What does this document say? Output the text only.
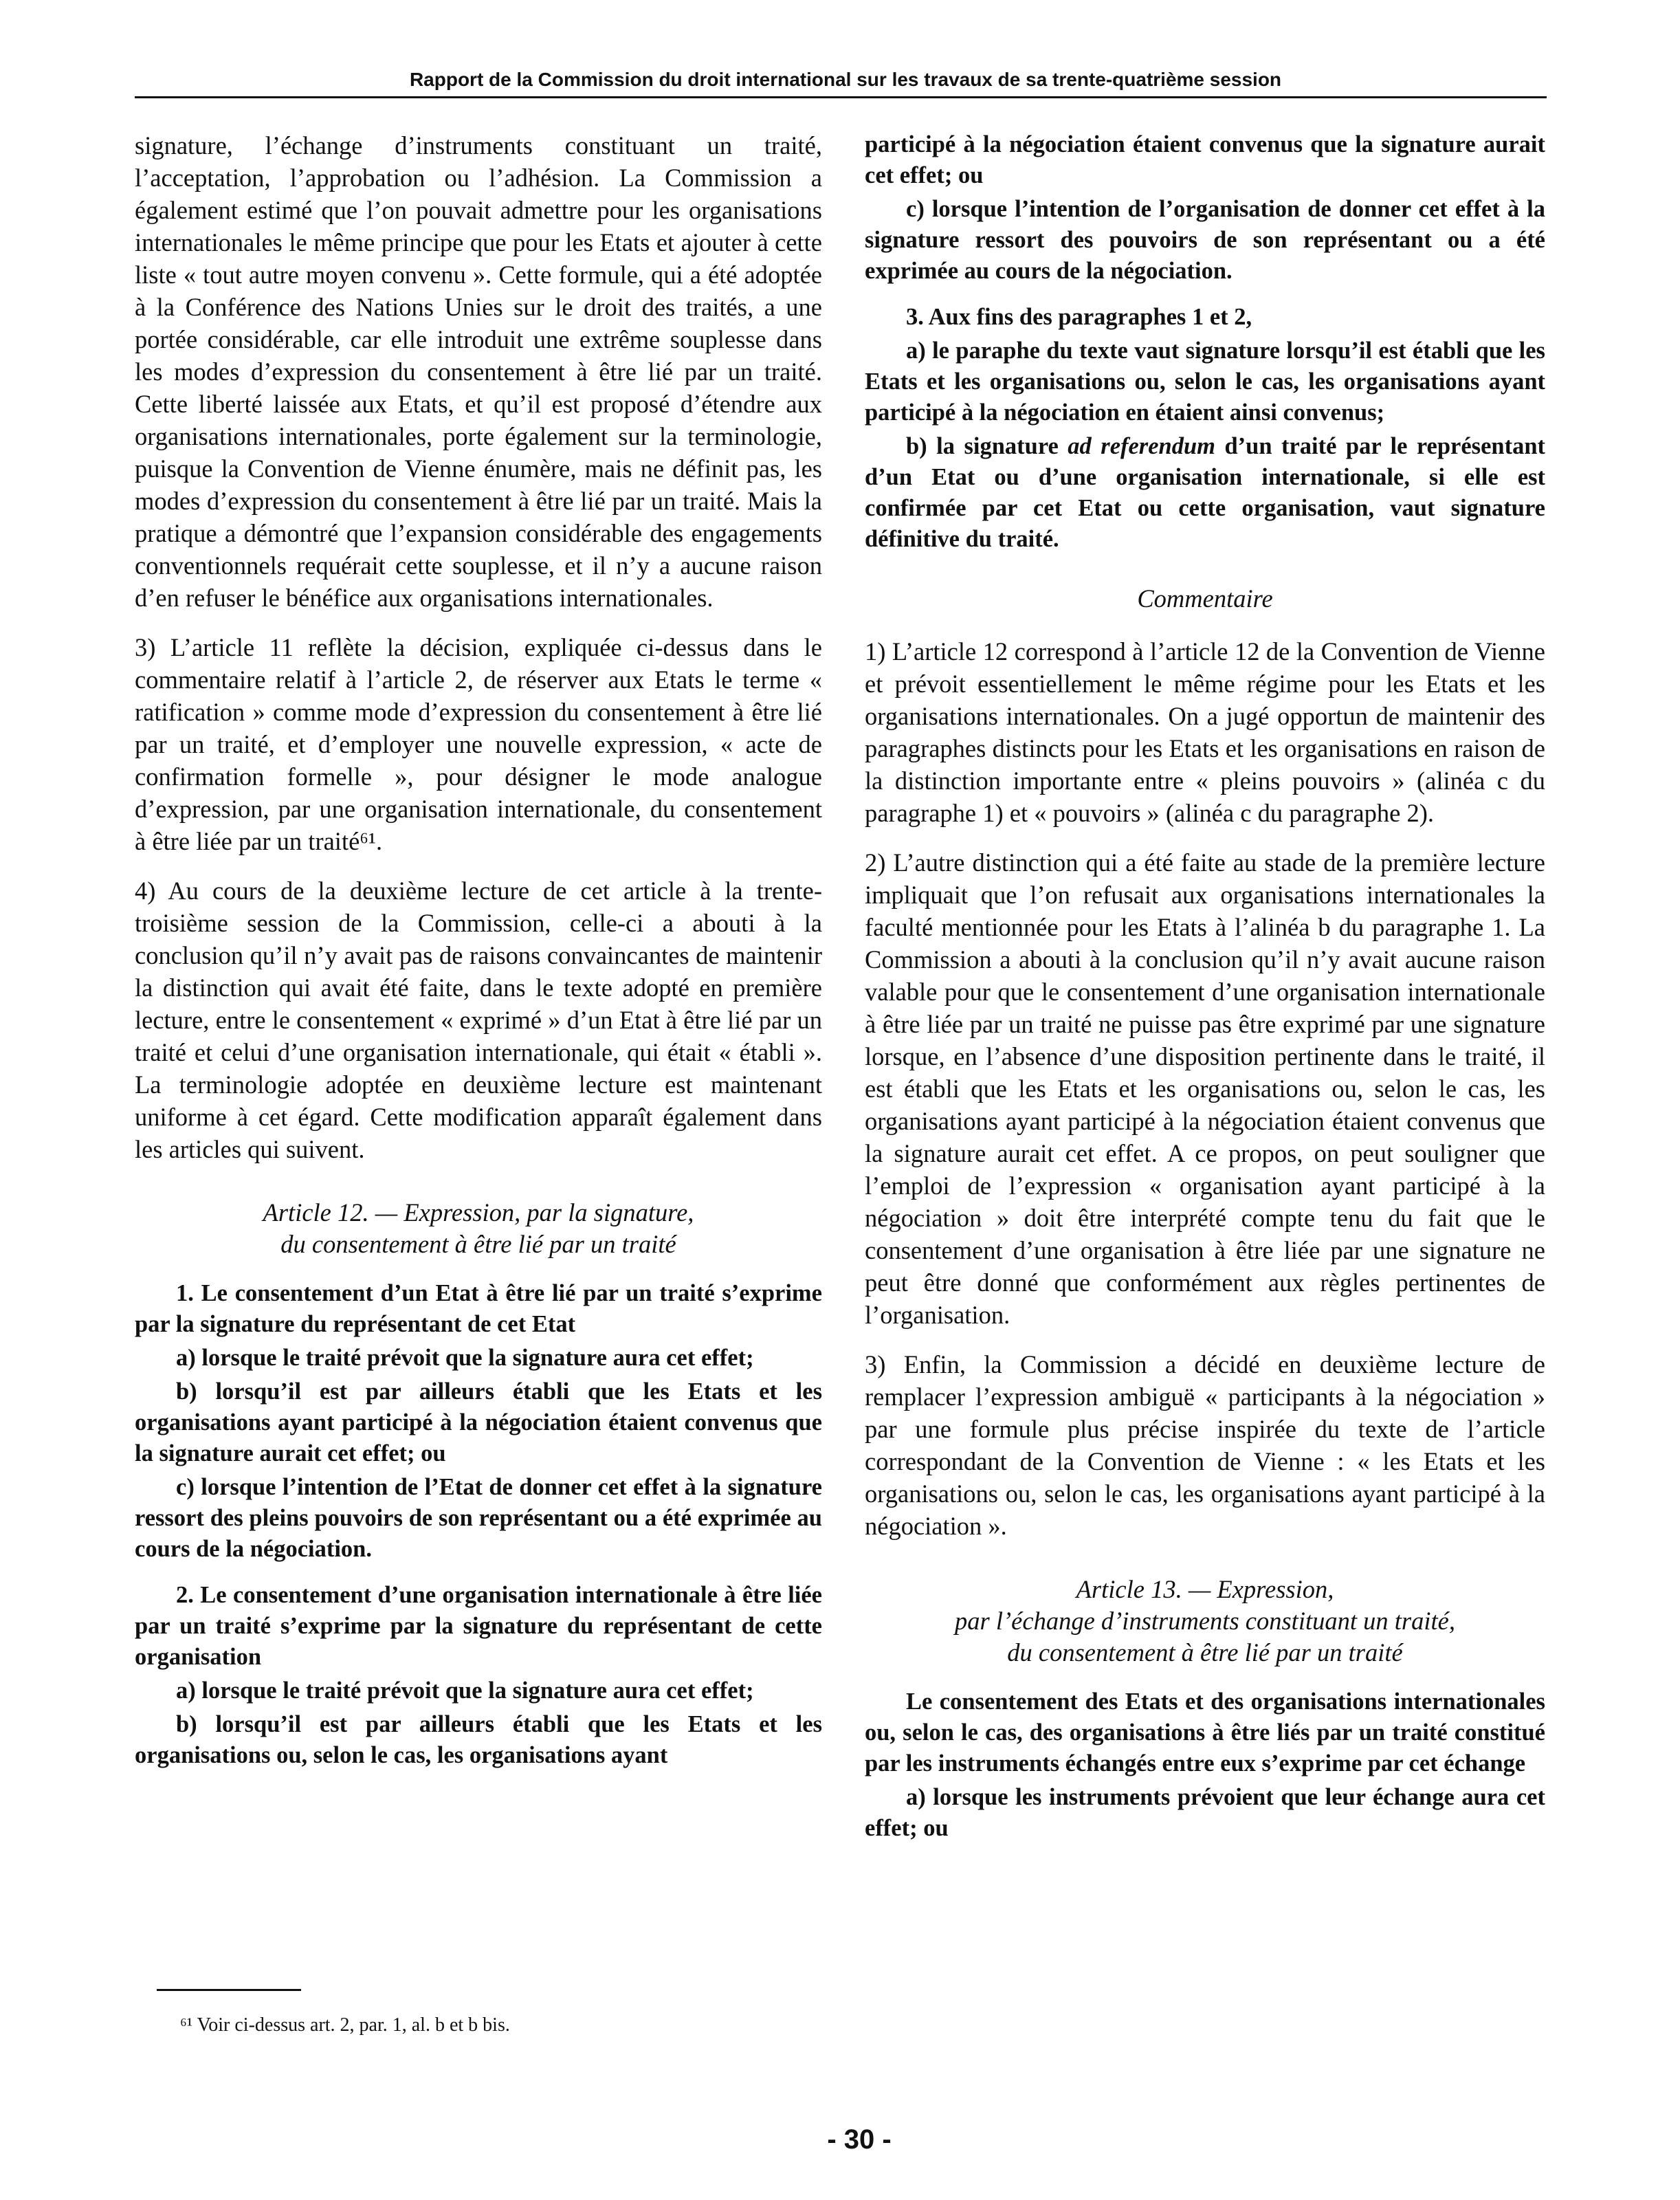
Rapport de la Commission du droit international sur les travaux de sa trente-quatrième session

signature, l’échange d’instruments constituant un traité, l’acceptation, l’approbation ou l’adhésion. La Commission a également estimé que l’on pouvait admettre pour les organisations internationales le même principe que pour les Etats et ajouter à cette liste « tout autre moyen convenu ». Cette formule, qui a été adoptée à la Conférence des Nations Unies sur le droit des traités, a une portée considérable, car elle introduit une extrême souplesse dans les modes d’expression du consentement à être lié par un traité. Cette liberté laissée aux Etats, et qu’il est proposé d’étendre aux organisations internationales, porte également sur la terminologie, puisque la Convention de Vienne énumère, mais ne définit pas, les modes d’expression du consentement à être lié par un traité. Mais la pratique a démontré que l’expansion considérable des engagements conventionnels requérait cette souplesse, et il n’y a aucune raison d’en refuser le bénéfice aux organisations internationales.

3) L’article 11 reflète la décision, expliquée ci-dessus dans le commentaire relatif à l’article 2, de réserver aux Etats le terme « ratification » comme mode d’expression du consentement à être lié par un traité, et d’employer une nouvelle expression, « acte de confirmation formelle », pour désigner le mode analogue d’expression, par une organisation internationale, du consentement à être liée par un traité⁶¹.

4) Au cours de la deuxième lecture de cet article à la trente-troisième session de la Commission, celle-ci a abouti à la conclusion qu’il n’y avait pas de raisons convaincantes de maintenir la distinction qui avait été faite, dans le texte adopté en première lecture, entre le consentement « exprimé » d’un Etat à être lié par un traité et celui d’une organisation internationale, qui était « établi ». La terminologie adoptée en deuxième lecture est maintenant uniforme à cet égard. Cette modification apparaît également dans les articles qui suivent.

Article 12. — Expression, par la signature,
du consentement à être lié par un traité

1. Le consentement d’un Etat à être lié par un traité s’exprime par la signature du représentant de cet Etat

a) lorsque le traité prévoit que la signature aura cet effet;

b) lorsqu’il est par ailleurs établi que les Etats et les organisations ayant participé à la négociation étaient convenus que la signature aurait cet effet; ou

c) lorsque l’intention de l’Etat de donner cet effet à la signature ressort des pleins pouvoirs de son représentant ou a été exprimée au cours de la négociation.

2. Le consentement d’une organisation internationale à être liée par un traité s’exprime par la signature du représentant de cette organisation

a) lorsque le traité prévoit que la signature aura cet effet;

b) lorsqu’il est par ailleurs établi que les Etats et les organisations ou, selon le cas, les organisations ayant

participé à la négociation étaient convenus que la signature aurait cet effet; ou

c) lorsque l’intention de l’organisation de donner cet effet à la signature ressort des pouvoirs de son représentant ou a été exprimée au cours de la négociation.

3. Aux fins des paragraphes 1 et 2,

a) le paraphe du texte vaut signature lorsqu’il est établi que les Etats et les organisations ou, selon le cas, les organisations ayant participé à la négociation en étaient ainsi convenus;

b) la signature ad referendum d’un traité par le représentant d’un Etat ou d’une organisation internationale, si elle est confirmée par cet Etat ou cette organisation, vaut signature définitive du traité.

Commentaire

1) L’article 12 correspond à l’article 12 de la Convention de Vienne et prévoit essentiellement le même régime pour les Etats et les organisations internationales. On a jugé opportun de maintenir des paragraphes distincts pour les Etats et les organisations en raison de la distinction importante entre « pleins pouvoirs » (alinéa c du paragraphe 1) et « pouvoirs » (alinéa c du paragraphe 2).

2) L’autre distinction qui a été faite au stade de la première lecture impliquait que l’on refusait aux organisations internationales la faculté mentionnée pour les Etats à l’alinéa b du paragraphe 1. La Commission a abouti à la conclusion qu’il n’y avait aucune raison valable pour que le consentement d’une organisation internationale à être liée par un traité ne puisse pas être exprimé par une signature lorsque, en l’absence d’une disposition pertinente dans le traité, il est établi que les Etats et les organisations ou, selon le cas, les organisations ayant participé à la négociation étaient convenus que la signature aurait cet effet. A ce propos, on peut souligner que l’emploi de l’expression « organisation ayant participé à la négociation » doit être interprété compte tenu du fait que le consentement d’une organisation à être liée par une signature ne peut être donné que conformément aux règles pertinentes de l’organisation.

3) Enfin, la Commission a décidé en deuxième lecture de remplacer l’expression ambiguë « participants à la négociation » par une formule plus précise inspirée du texte de l’article correspondant de la Convention de Vienne : « les Etats et les organisations ou, selon le cas, les organisations ayant participé à la négociation ».

Article 13. — Expression,
par l’échange d’instruments constituant un traité,
du consentement à être lié par un traité

Le consentement des Etats et des organisations internationales ou, selon le cas, des organisations à être liés par un traité constitué par les instruments échangés entre eux s’exprime par cet échange

a) lorsque les instruments prévoient que leur échange aura cet effet; ou

⁶¹ Voir ci-dessus art. 2, par. 1, al. b et b bis.
- 30 -
